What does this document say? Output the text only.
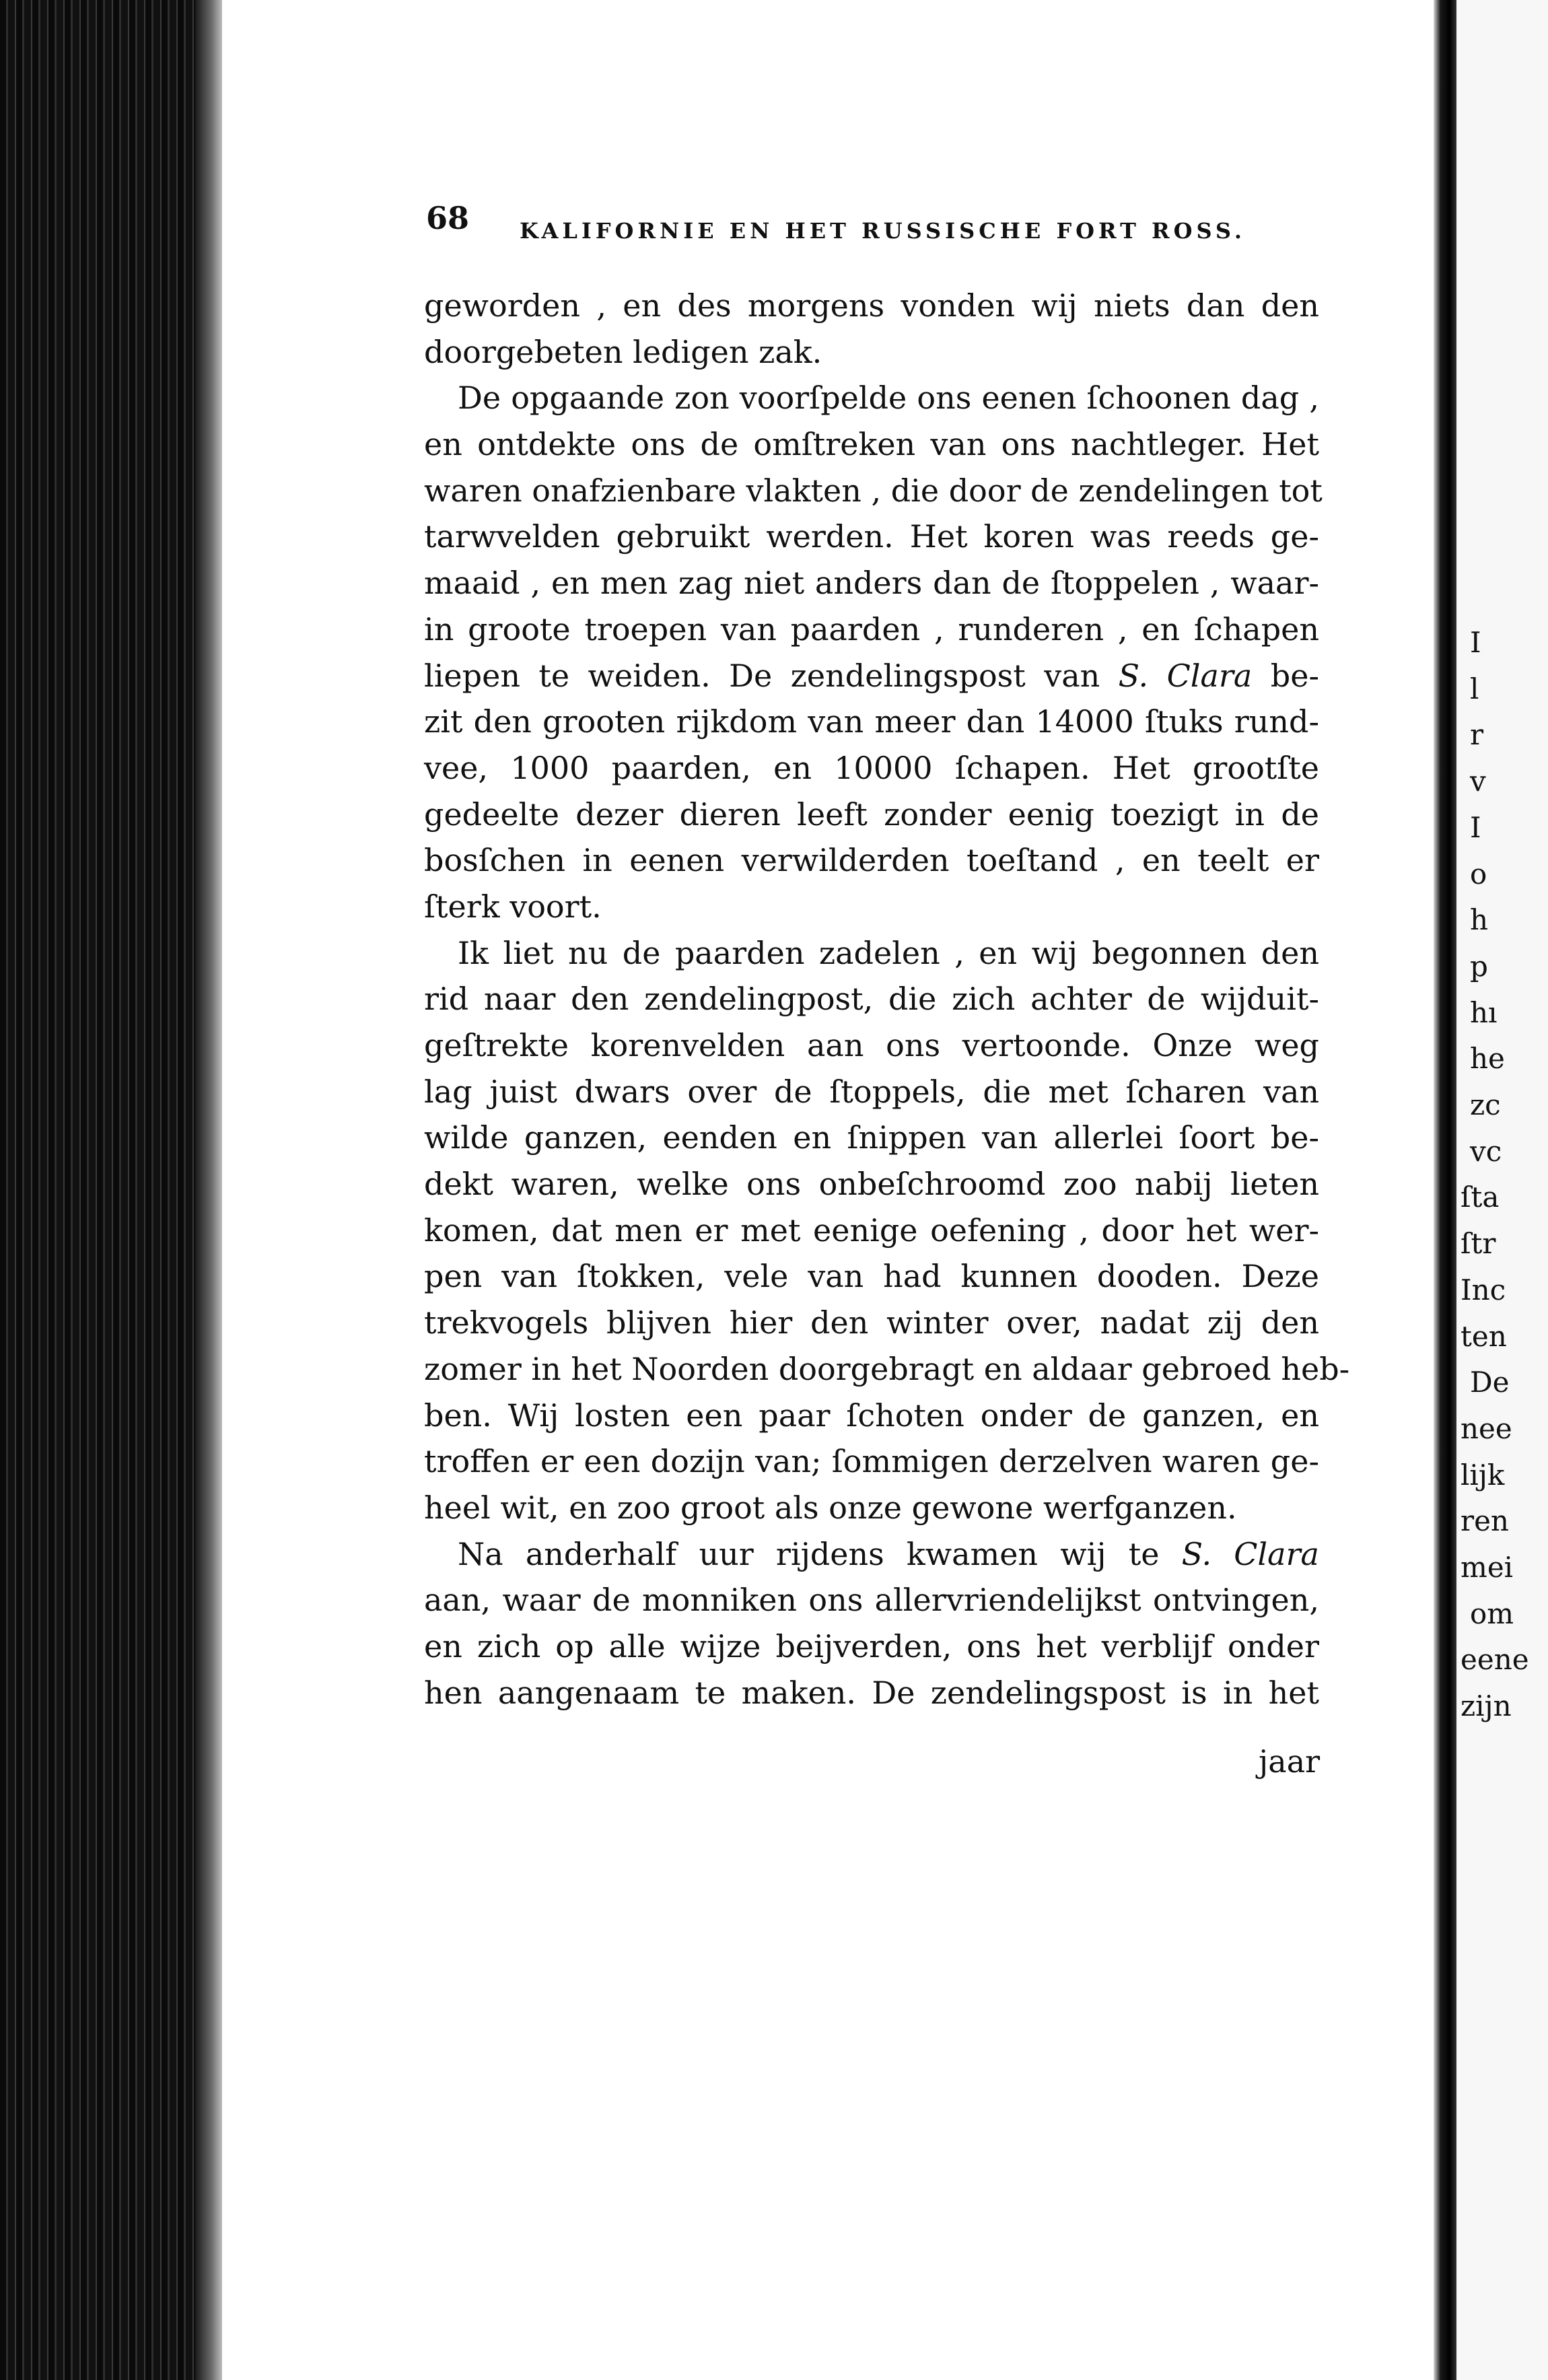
68 KALIFORNIE EN HET RUSSISCHE FORT ROSS.
geworden , en des morgens vonden wij niets dan den
doorgebeten ledigen zak.
De opgaande zon voorſpelde ons eenen ſchoonen dag ,
en ontdekte ons de omſtreken van ons nachtleger. Het
waren onafzienbare vlakten , die door de zendelingen tot
tarwvelden gebruikt werden. Het koren was reeds ge-
maaid , en men zag niet anders dan de ſtoppelen , waar-
in groote troepen van paarden , runderen , en ſchapen
liepen te weiden. De zendelingspost van S. Clara be-
zit den grooten rijkdom van meer dan 14000 ſtuks rund-
vee, 1000 paarden, en 10000 ſchapen. Het grootſte
gedeelte dezer dieren leeft zonder eenig toezigt in de
bosſchen in eenen verwilderden toeſtand , en teelt er
ſterk voort.
Ik liet nu de paarden zadelen , en wij begonnen den
rid naar den zendelingpost, die zich achter de wijduit-
geſtrekte korenvelden aan ons vertoonde. Onze weg
lag juist dwars over de ſtoppels, die met ſcharen van
wilde ganzen, eenden en ſnippen van allerlei ſoort be-
dekt waren, welke ons onbeſchroomd zoo nabij lieten
komen, dat men er met eenige oefening , door het wer-
pen van ſtokken, vele van had kunnen dooden. Deze
trekvogels blijven hier den winter over, nadat zij den
zomer in het Noorden doorgebragt en aldaar gebroed heb-
ben. Wij losten een paar ſchoten onder de ganzen, en
troffen er een dozijn van; ſommigen derzelven waren ge-
heel wit, en zoo groot als onze gewone werfganzen.
Na anderhalf uur rijdens kwamen wij te S. Clara
aan, waar de monniken ons allervriendelijkst ontvingen,
en zich op alle wijze beijverden, ons het verblijf onder
hen aangenaam te maken. De zendelingspost is in het
jaar
I
l
r
v
I
o
h
p
hı
he
zc
vc
ſta
ſtr
Inc
ten
De
nee
lijk
ren
mei
om
eene
zijn
